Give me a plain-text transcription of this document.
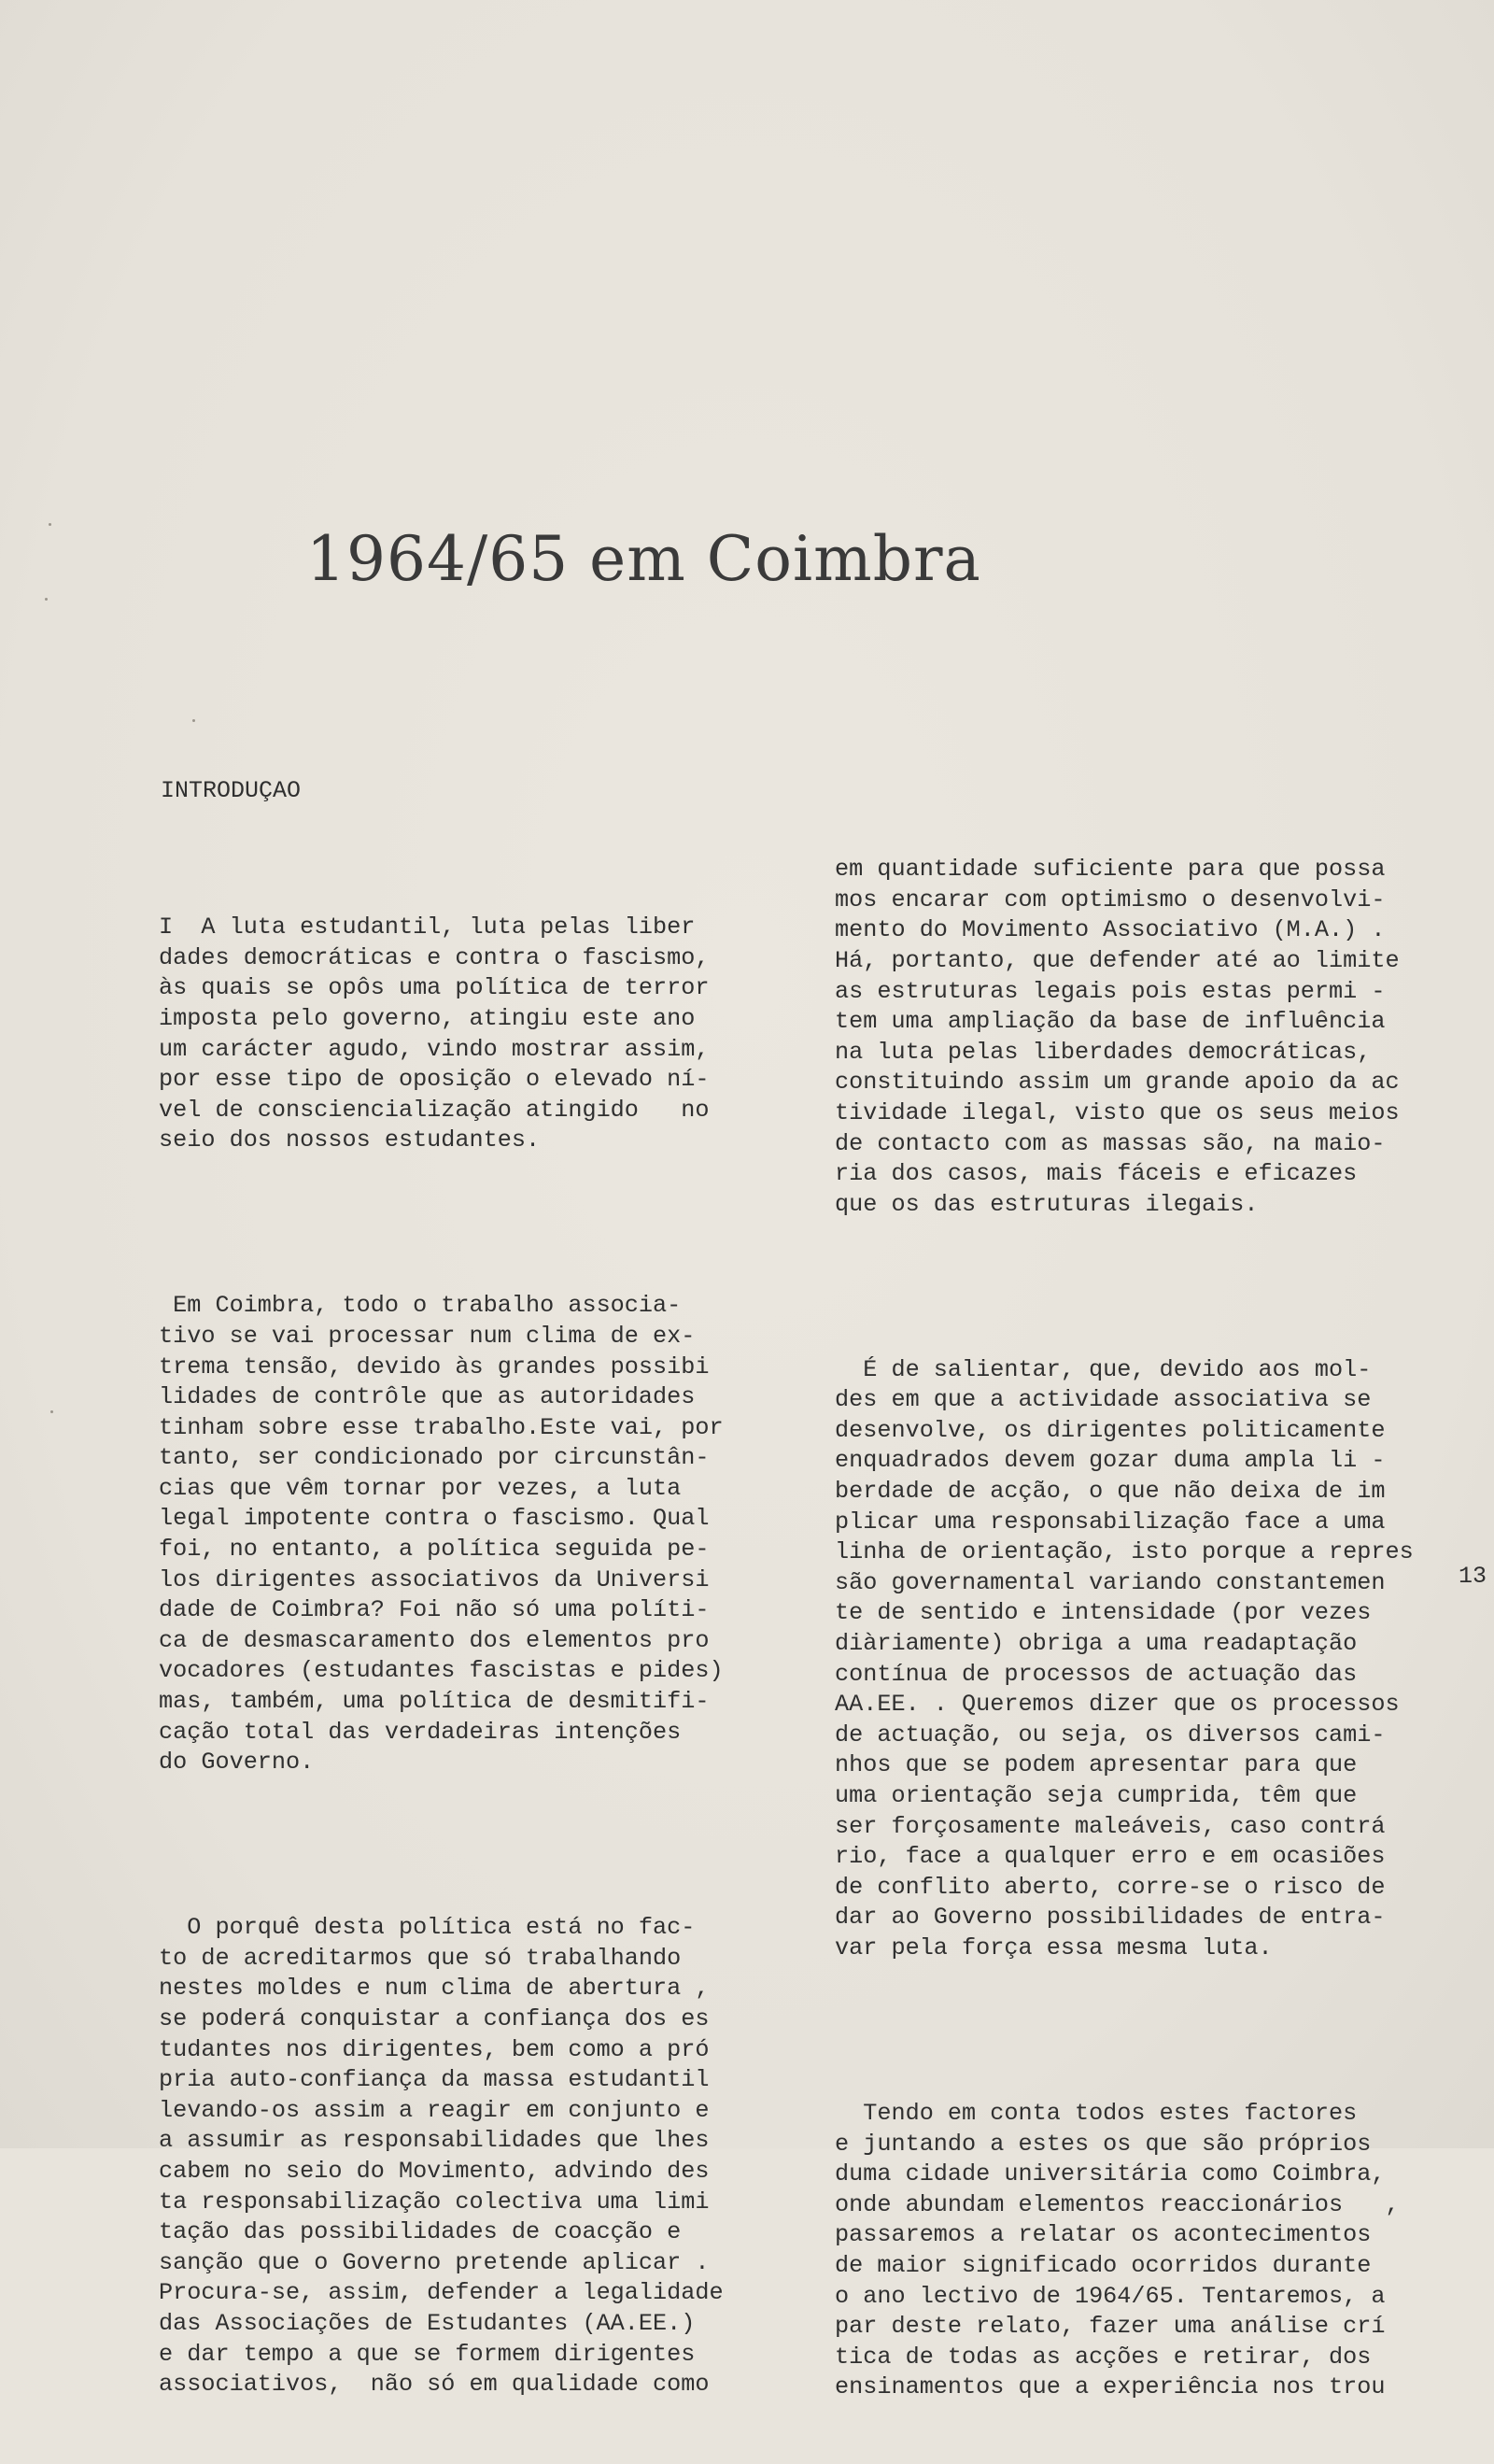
1964/65 em Coimbra
INTRODUÇAO

I  A luta estudantil, luta pelas liber
dades democráticas e contra o fascismo,
às quais se opôs uma política de terror
imposta pelo governo, atingiu este ano
um carácter agudo, vindo mostrar assim,
por esse tipo de oposição o elevado ní-
vel de consciencialização atingido   no
seio dos nossos estudantes.

Em Coimbra, todo o trabalho associa-
tivo se vai processar num clima de ex-
trema tensão, devido às grandes possibi
lidades de contrôle que as autoridades
tinham sobre esse trabalho.Este vai, por
tanto, ser condicionado por circunstân-
cias que vêm tornar por vezes, a luta
legal impotente contra o fascismo. Qual
foi, no entanto, a política seguida pe-
los dirigentes associativos da Universi
dade de Coimbra? Foi não só uma políti-
ca de desmascaramento dos elementos pro
vocadores (estudantes fascistas e pides)
mas, também, uma política de desmitifi-
cação total das verdadeiras intenções
do Governo.

O porquê desta política está no fac-
to de acreditarmos que só trabalhando
nestes moldes e num clima de abertura ,
se poderá conquistar a confiança dos es
tudantes nos dirigentes, bem como a pró
pria auto-confiança da massa estudantil
levando-os assim a reagir em conjunto e
a assumir as responsabilidades que lhes
cabem no seio do Movimento, advindo des
ta responsabilização colectiva uma limi
tação das possibilidades de coacção e
sanção que o Governo pretende aplicar .
Procura-se, assim, defender a legalidade
das Associações de Estudantes (AA.EE.)
e dar tempo a que se formem dirigentes
associativos,  não só em qualidade como

em quantidade suficiente para que possa
mos encarar com optimismo o desenvolvi-
mento do Movimento Associativo (M.A.) .
Há, portanto, que defender até ao limite
as estruturas legais pois estas permi -
tem uma ampliação da base de influência
na luta pelas liberdades democráticas,
constituindo assim um grande apoio da ac
tividade ilegal, visto que os seus meios
de contacto com as massas são, na maio-
ria dos casos, mais fáceis e eficazes
que os das estruturas ilegais.

É de salientar, que, devido aos mol-
des em que a actividade associativa se
desenvolve, os dirigentes politicamente
enquadrados devem gozar duma ampla li -
berdade de acção, o que não deixa de im
plicar uma responsabilização face a uma
linha de orientação, isto porque a repres
são governamental variando constantemen
te de sentido e intensidade (por vezes
diàriamente) obriga a uma readaptação
contínua de processos de actuação das
AA.EE. . Queremos dizer que os processos
de actuação, ou seja, os diversos cami-
nhos que se podem apresentar para que
uma orientação seja cumprida, têm que
ser forçosamente maleáveis, caso contrá
rio, face a qualquer erro e em ocasiões
de conflito aberto, corre-se o risco de
dar ao Governo possibilidades de entra-
var pela força essa mesma luta.

Tendo em conta todos estes factores
e juntando a estes os que são próprios
duma cidade universitária como Coimbra,
onde abundam elementos reaccionários   ,
passaremos a relatar os acontecimentos
de maior significado ocorridos durante
o ano lectivo de 1964/65. Tentaremos, a
par deste relato, fazer uma análise crí
tica de todas as acções e retirar, dos
ensinamentos que a experiência nos trou

13
